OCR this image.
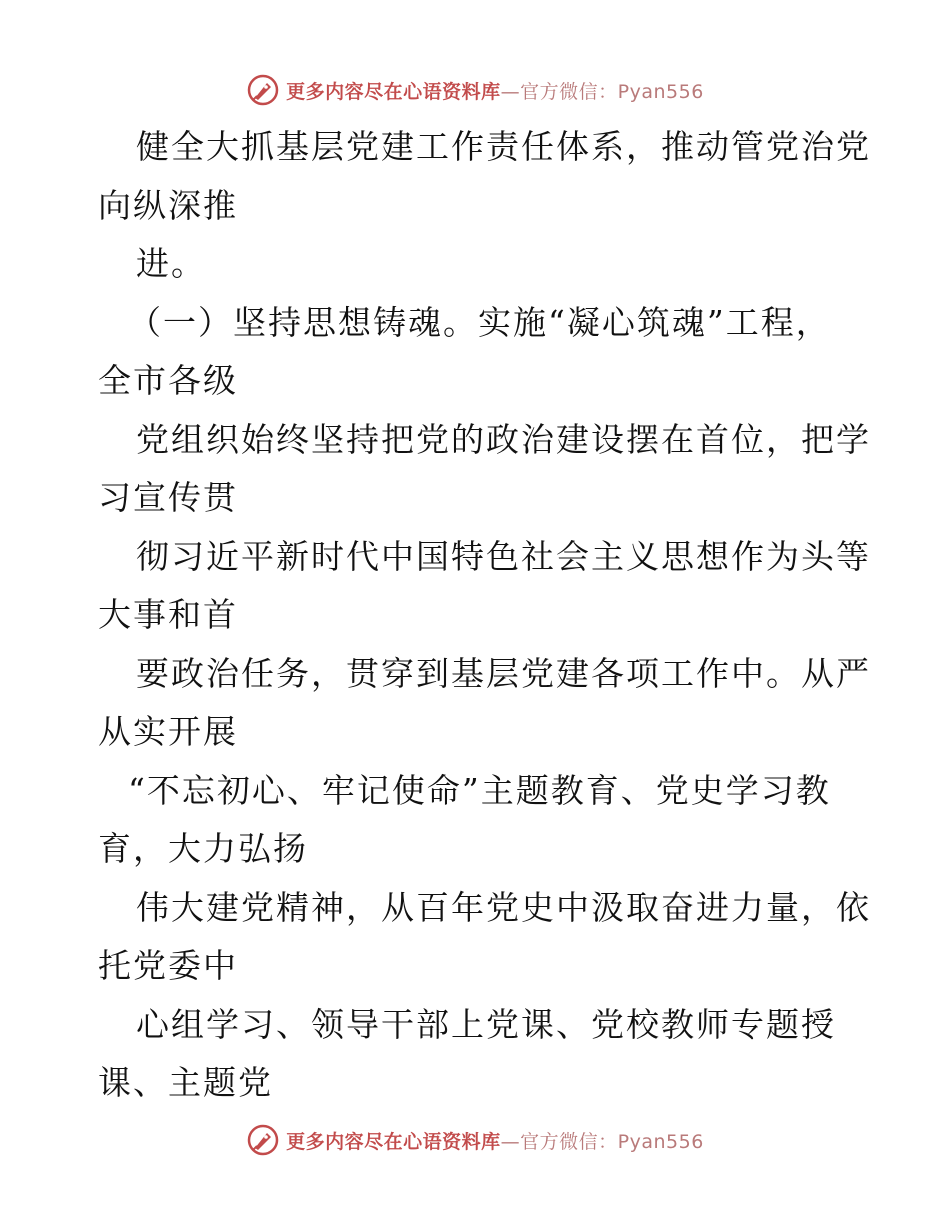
更多内容尽在心语资料库—官方微信：Pyan556
健全大抓基层党建工作责任体系，推动管党治党
向纵深推
进。
（一）坚持思想铸魂。实施“凝心筑魂”工程，
全市各级
党组织始终坚持把党的政治建设摆在首位，把学
习宣传贯
彻习近平新时代中国特色社会主义思想作为头等
大事和首
要政治任务，贯穿到基层党建各项工作中。从严
从实开展
“不忘初心、牢记使命”主题教育、党史学习教
育，大力弘扬
伟大建党精神，从百年党史中汲取奋进力量，依
托党委中
心组学习、领导干部上党课、党校教师专题授
课、主题党
更多内容尽在心语资料库—官方微信：Pyan556
